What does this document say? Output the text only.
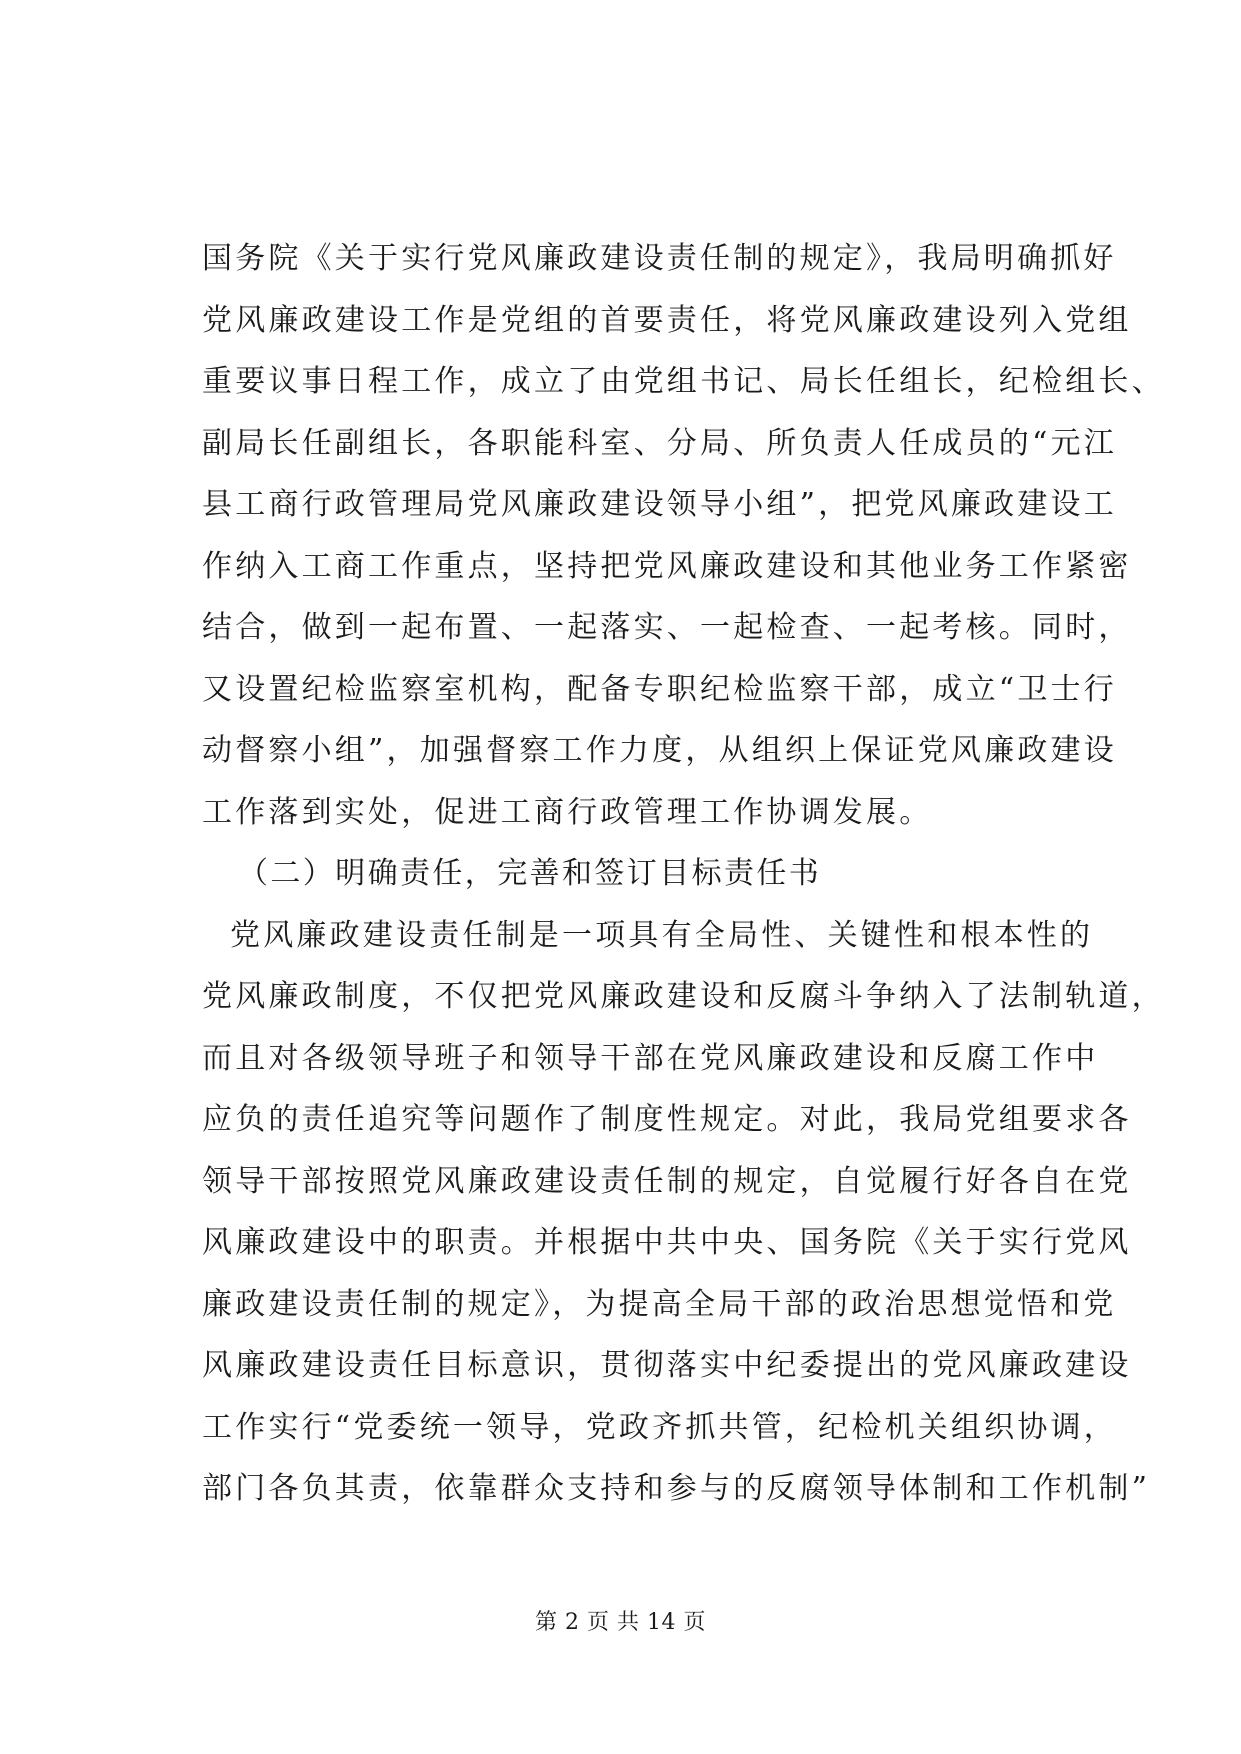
国务院《关于实行党风廉政建设责任制的规定》，我局明确抓好
党风廉政建设工作是党组的首要责任，将党风廉政建设列入党组
重要议事日程工作，成立了由党组书记、局长任组长，纪检组长、
副局长任副组长，各职能科室、分局、所负责人任成员的“元江
县工商行政管理局党风廉政建设领导小组”，把党风廉政建设工
作纳入工商工作重点，坚持把党风廉政建设和其他业务工作紧密
结合，做到一起布置、一起落实、一起检查、一起考核。同时，
又设置纪检监察室机构，配备专职纪检监察干部，成立“卫士行
动督察小组”，加强督察工作力度，从组织上保证党风廉政建设
工作落到实处，促进工商行政管理工作协调发展。
（二）明确责任，完善和签订目标责任书
党风廉政建设责任制是一项具有全局性、关键性和根本性的
党风廉政制度，不仅把党风廉政建设和反腐斗争纳入了法制轨道，
而且对各级领导班子和领导干部在党风廉政建设和反腐工作中
应负的责任追究等问题作了制度性规定。对此，我局党组要求各
领导干部按照党风廉政建设责任制的规定，自觉履行好各自在党
风廉政建设中的职责。并根据中共中央、国务院《关于实行党风
廉政建设责任制的规定》，为提高全局干部的政治思想觉悟和党
风廉政建设责任目标意识，贯彻落实中纪委提出的党风廉政建设
工作实行“党委统一领导，党政齐抓共管，纪检机关组织协调，
部门各负其责，依靠群众支持和参与的反腐领导体制和工作机制”
第 2 页 共 14 页
